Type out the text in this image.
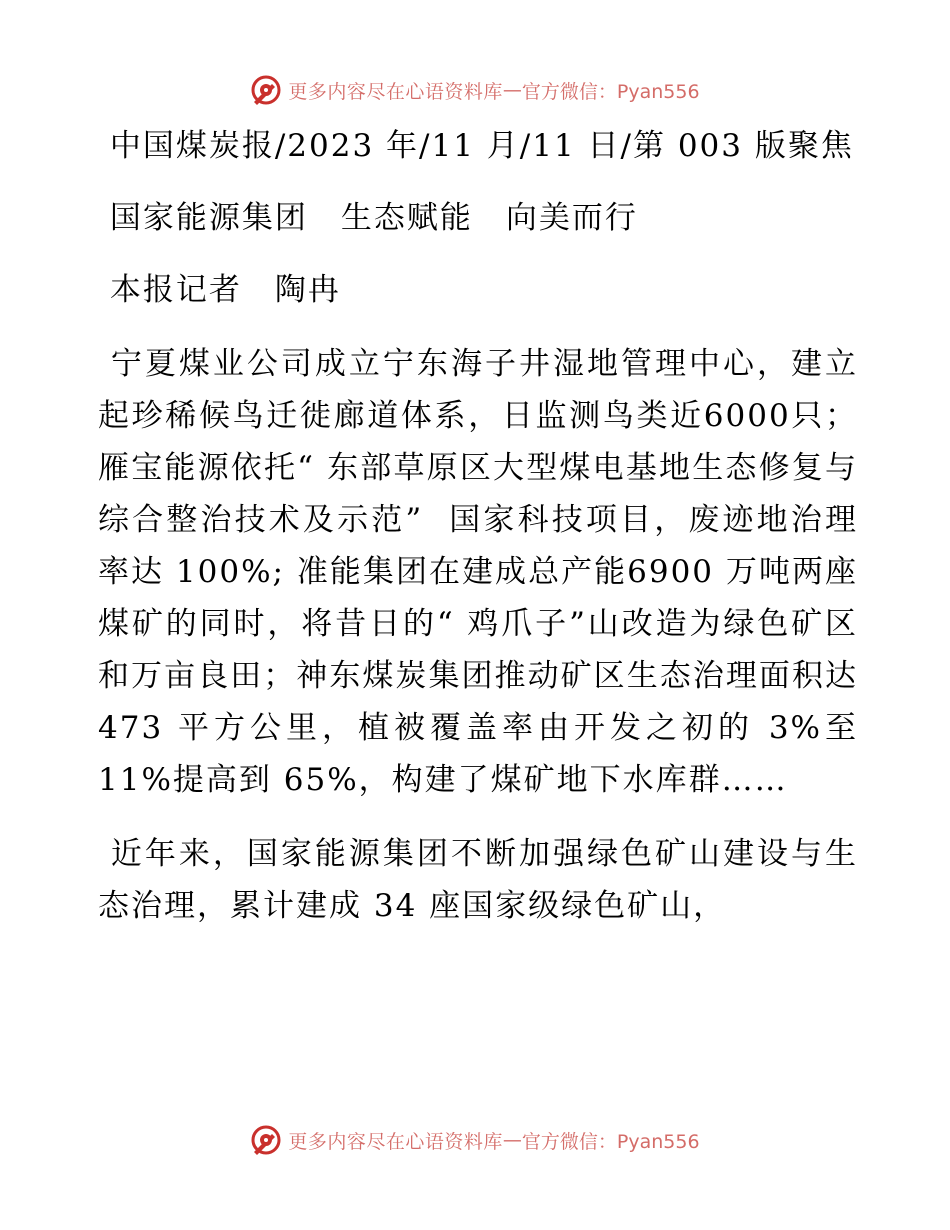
更多内容尽在心语资料库 — 官方微信：Pyan556

中国煤炭报/2023 年/11 月/11 日/第 003 版聚焦

国家能源集团　生态赋能　向美而行

本报记者　陶冉

宁夏煤业公司成立宁东海子井湿地管理中心，建立起珍稀候鸟迁徙廊道体系，日监测鸟类近6000只；雁宝能源依托“ 东部草原区大型煤电基地生态修复与综合整治技术及示范”  国家科技项目，废迹地治理率达 100%; 准能集团在建成总产能6900 万吨两座煤矿的同时，将昔日的“ 鸡爪子”山改造为绿色矿区和万亩良田；神东煤炭集团推动矿区生态治理面积达 473 平方公里，植被覆盖率由开发之初的 3%至 11%提高到 65%，构建了煤矿地下水库群……

近年来，国家能源集团不断加强绿色矿山建设与生态治理，累计建成 34 座国家级绿色矿山，

更多内容尽在心语资料库 — 官方微信：Pyan556
